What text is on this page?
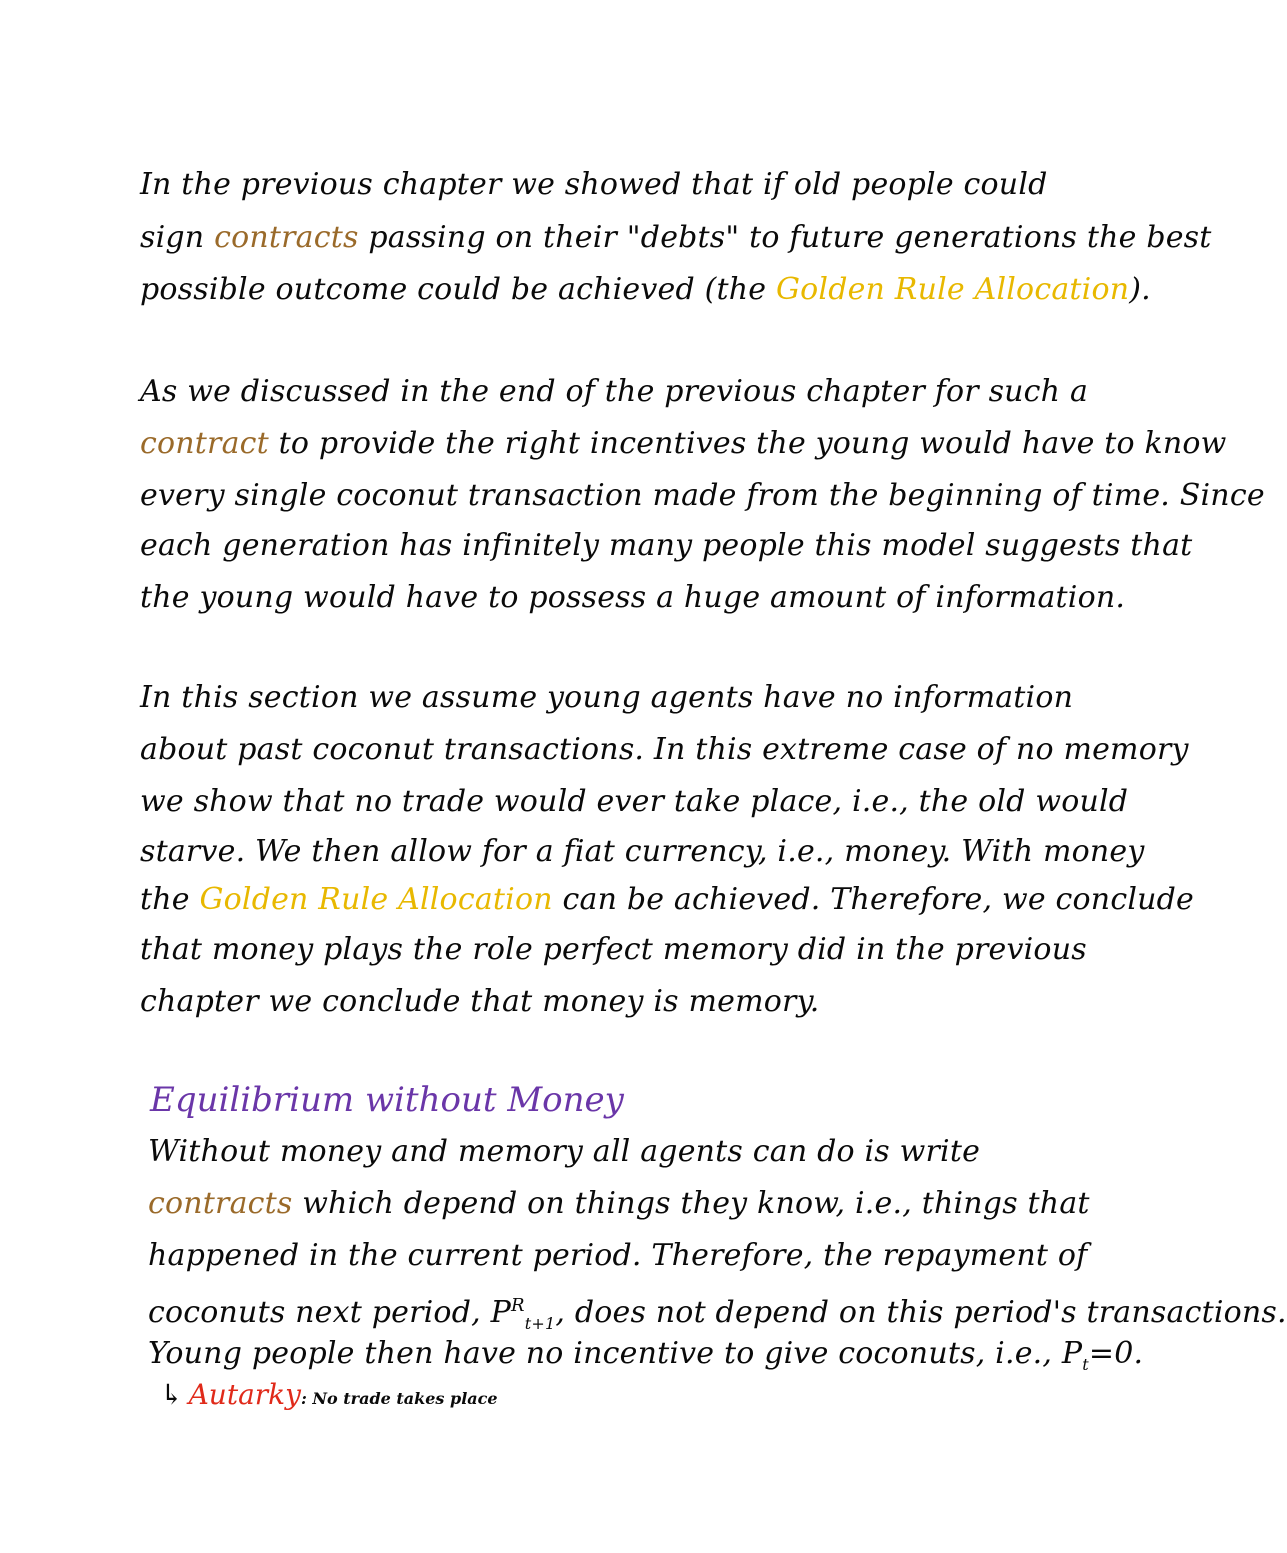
In the previous chapter we showed that if old people could
sign contracts passing on their "debts" to future generations the best
possible outcome could be achieved (the Golden Rule Allocation).
As we discussed in the end of the previous chapter for such a
contract to provide the right incentives the young would have to know
every single coconut transaction made from the beginning of time. Since
each generation has infinitely many people this model suggests that
the young would have to possess a huge amount of information.
In this section we assume young agents have no information
about past coconut transactions. In this extreme case of no memory
we show that no trade would ever take place, i.e., the old would
starve. We then allow for a fiat currency, i.e., money. With money
the Golden Rule Allocation can be achieved. Therefore, we conclude
that money plays the role perfect memory did in the previous
chapter we conclude that money is memory.
Equilibrium without Money
Without money and memory all agents can do is write
contracts which depend on things they know, i.e., things that
happened in the current period. Therefore, the repayment of
coconuts next period, $P^R_{t+1}$, does not depend on this period's transactions.
Young people then have no incentive to give coconuts, i.e., $P_t=0$.
↳ Autarky: No trade takes place
